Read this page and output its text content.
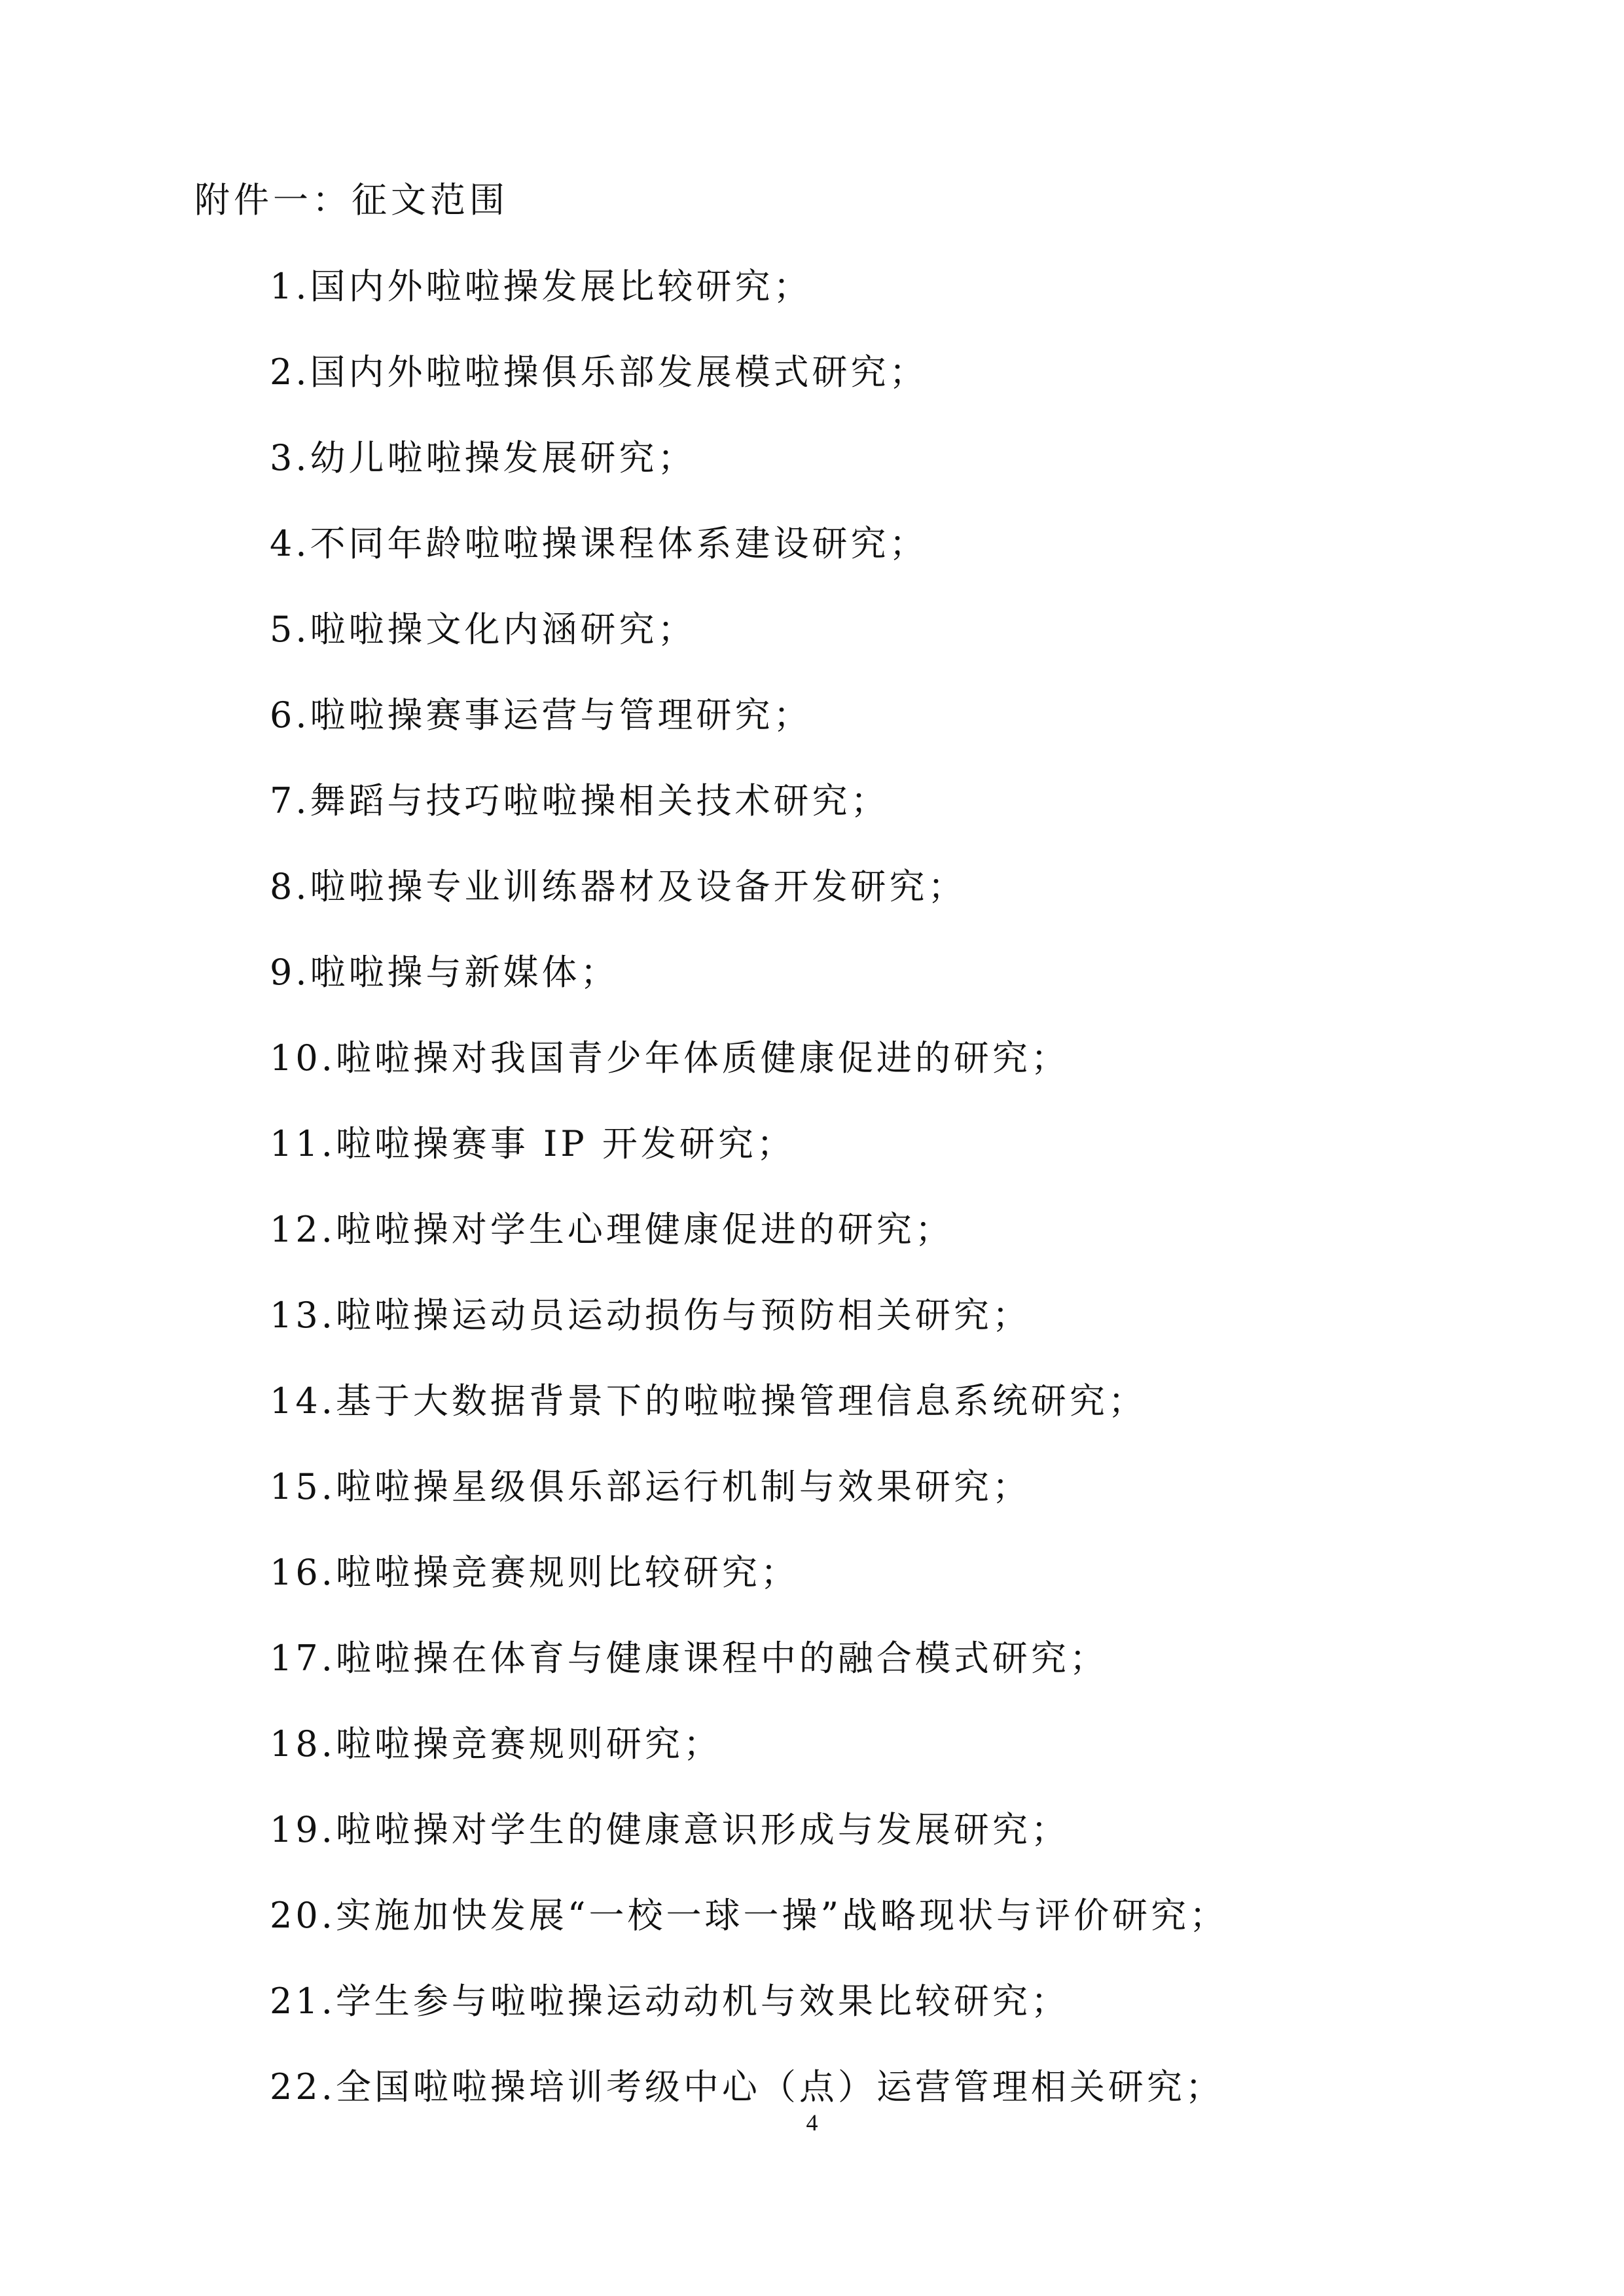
附件一：征文范围
1.国内外啦啦操发展比较研究；
2.国内外啦啦操俱乐部发展模式研究；
3.幼儿啦啦操发展研究；
4.不同年龄啦啦操课程体系建设研究；
5.啦啦操文化内涵研究；
6.啦啦操赛事运营与管理研究；
7.舞蹈与技巧啦啦操相关技术研究；
8.啦啦操专业训练器材及设备开发研究；
9.啦啦操与新媒体；
10.啦啦操对我国青少年体质健康促进的研究；
11.啦啦操赛事 IP 开发研究；
12.啦啦操对学生心理健康促进的研究；
13.啦啦操运动员运动损伤与预防相关研究；
14.基于大数据背景下的啦啦操管理信息系统研究；
15.啦啦操星级俱乐部运行机制与效果研究；
16.啦啦操竞赛规则比较研究；
17.啦啦操在体育与健康课程中的融合模式研究；
18.啦啦操竞赛规则研究；
19.啦啦操对学生的健康意识形成与发展研究；
20.实施加快发展“一校一球一操”战略现状与评价研究；
21.学生参与啦啦操运动动机与效果比较研究；
22.全国啦啦操培训考级中心（点）运营管理相关研究；
4
